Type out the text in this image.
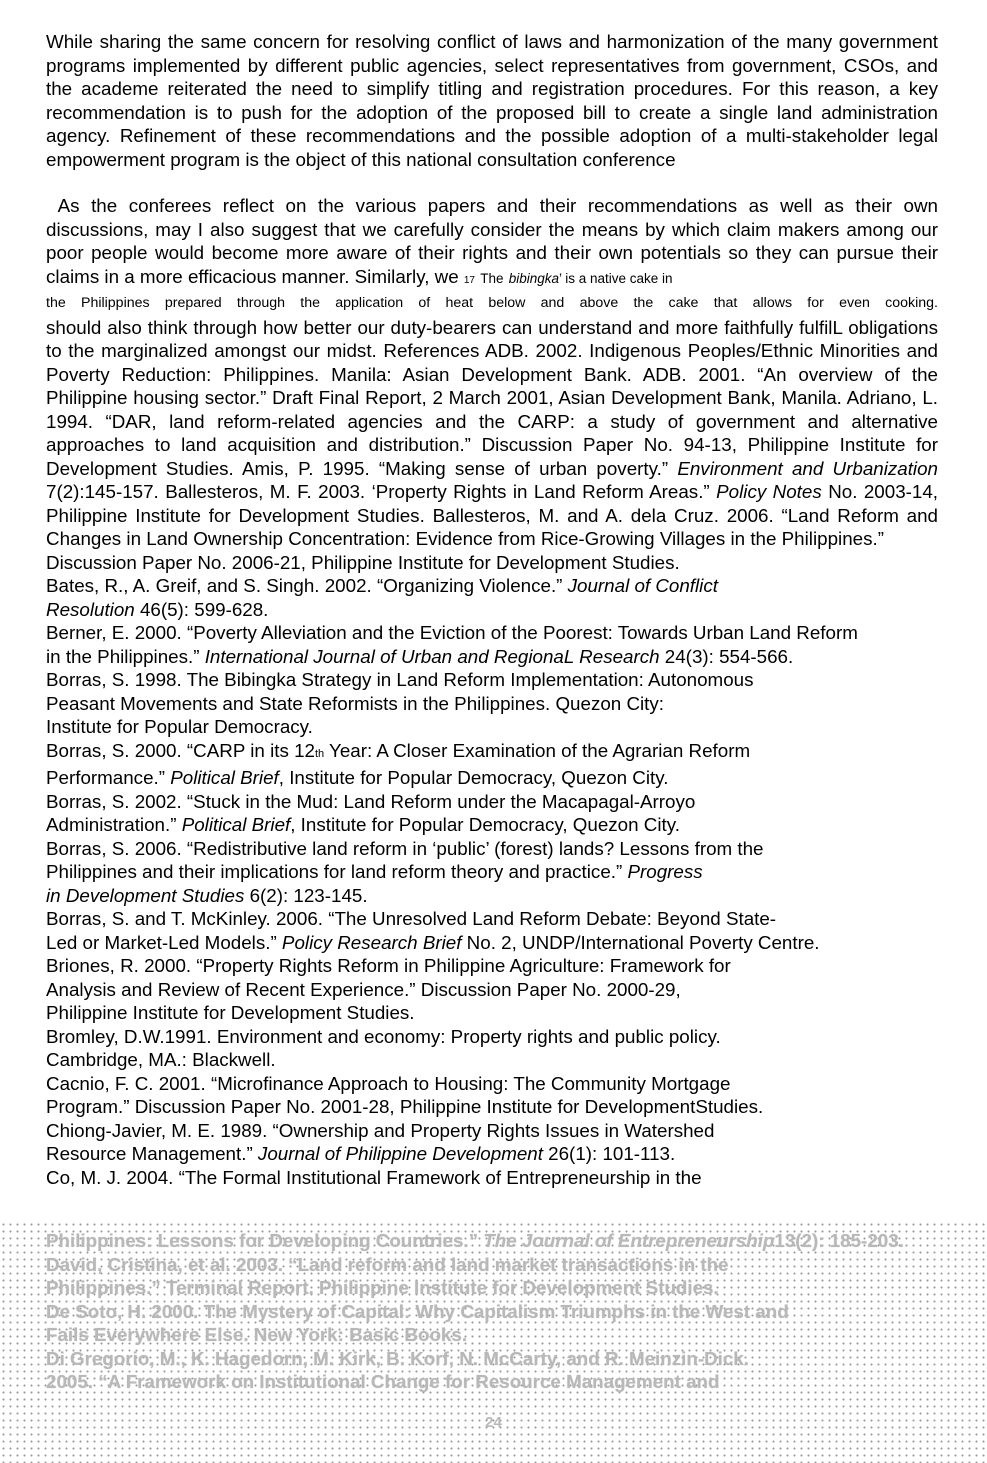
While sharing the same concern for resolving conflict of laws and harmonization of the many government programs implemented by different public agencies, select representatives from government, CSOs, and the academe reiterated the need to simplify titling and registration procedures. For this reason, a key recommendation is to push for the adoption of the proposed bill to create a single land administration agency. Refinement of these recommendations and the possible adoption of a multi-stakeholder legal empowerment program is the object of this national consultation conference

As the conferees reflect on the various papers and their recommendations as well as their own discussions, may I also suggest that we carefully consider the means by which claim makers among our poor people would become more aware of their rights and their own potentials so they can pursue their claims in a more efficacious manner. Similarly, we 17 The bibingka’ is a native cake in
the Philippines prepared through the application of heat below and above the cake that allows for even cooking.
should also think through how better our duty-bearers can understand and more faithfully fulfilL obligations to the marginalized amongst our midst. References ADB. 2002. Indigenous Peoples/Ethnic Minorities and Poverty Reduction: Philippines. Manila: Asian Development Bank. ADB. 2001. “An overview of the Philippine housing sector.” Draft Final Report, 2 March 2001, Asian Development Bank, Manila. Adriano, L. 1994. “DAR, land reform-related agencies and the CARP: a study of government and alternative approaches to land acquisition and distribution.” Discussion Paper No. 94-13, Philippine Institute for Development Studies. Amis, P. 1995. “Making sense of urban poverty.” Environment and Urbanization 7(2):145-157. Ballesteros, M. F. 2003. ‘Property Rights in Land Reform Areas.” Policy Notes No. 2003-14, Philippine Institute for Development Studies. Ballesteros, M. and A. dela Cruz. 2006. “Land Reform and Changes in Land Ownership Concentration: Evidence from Rice-Growing Villages in the Philippines.”

Discussion Paper No. 2006-21, Philippine Institute for Development Studies.
Bates, R., A. Greif, and S. Singh. 2002. “Organizing Violence.” Journal of Conflict
Resolution 46(5): 599-628.
Berner, E. 2000. “Poverty Alleviation and the Eviction of the Poorest: Towards Urban Land Reform
in the Philippines.” International Journal of Urban and RegionaL Research 24(3): 554-566.
Borras, S. 1998. The Bibingka Strategy in Land Reform Implementation: Autonomous
Peasant Movements and State Reformists in the Philippines. Quezon City:
Institute for Popular Democracy.
Borras, S. 2000. “CARP in its 12th Year: A Closer Examination of the Agrarian Reform
Performance.” Political Brief, Institute for Popular Democracy, Quezon City.
Borras, S. 2002. “Stuck in the Mud: Land Reform under the Macapagal-Arroyo
Administration.” Political Brief, Institute for Popular Democracy, Quezon City.
Borras, S. 2006. “Redistributive land reform in ‘public’ (forest) lands? Lessons from the
Philippines and their implications for land reform theory and practice.” Progress
in Development Studies 6(2): 123-145.
Borras, S. and T. McKinley. 2006. “The Unresolved Land Reform Debate: Beyond State-
Led or Market-Led Models.” Policy Research Brief No. 2, UNDP/International Poverty Centre.
Briones, R. 2000. “Property Rights Reform in Philippine Agriculture: Framework for
Analysis and Review of Recent Experience.” Discussion Paper No. 2000-29,
Philippine Institute for Development Studies.
Bromley, D.W.1991. Environment and economy: Property rights and public policy.
Cambridge, MA.: Blackwell.
Cacnio, F. C. 2001. “Microfinance Approach to Housing: The Community Mortgage
Program.” Discussion Paper No. 2001-28, Philippine Institute for DevelopmentStudies.
Chiong-Javier, M. E. 1989. “Ownership and Property Rights Issues in Watershed
Resource Management.” Journal of Philippine Development 26(1): 101-113.
Co, M. J. 2004. “The Formal Institutional Framework of Entrepreneurship in the
Philippines: Lessons for Developing Countries.” The Journal of Entrepreneurship13(2): 185-203.
David, Cristina, et al. 2003. “Land reform and land market transactions in the
Philippines.” Terminal Report. Philippine Institute for Development Studies.
De Soto, H. 2000. The Mystery of Capital: Why Capitalism Triumphs in the West and
Fails Everywhere Else. New York: Basic Books.
Di Gregorio, M., K. Hagedorn, M. Kirk, B. Korf, N. McCarty, and R. Meinzin-Dick.
2005. “A Framework on Institutional Change for Resource Management and
24
